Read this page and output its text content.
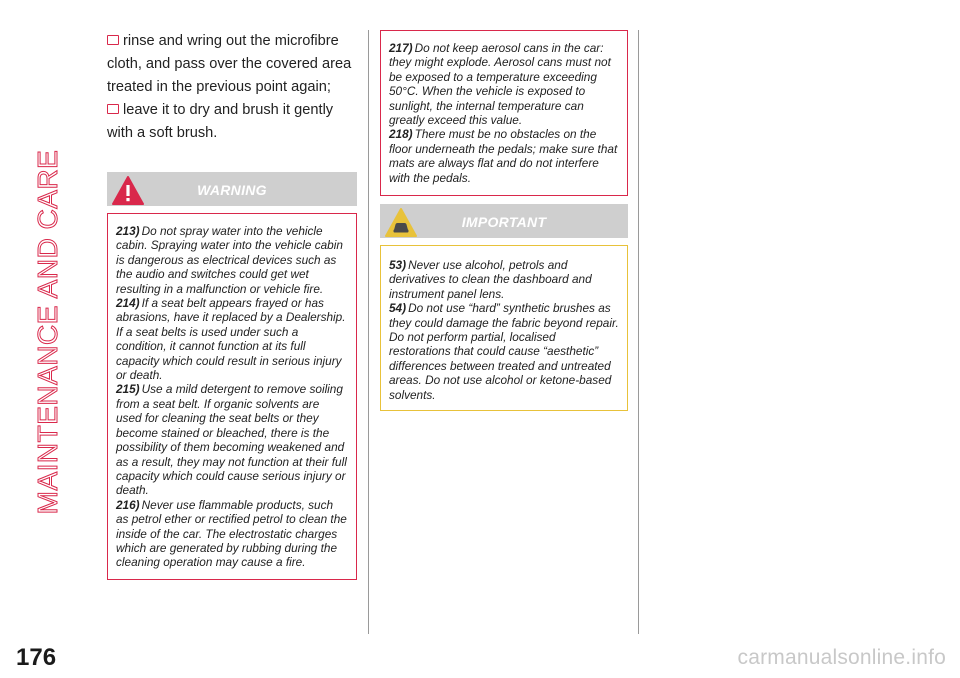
MAINTENANCE AND CARE
176
rinse and wring out the microfibre cloth, and pass over the covered area treated in the previous point again;
leave it to dry and brush it gently with a soft brush.
WARNING

213) Do not spray water into the vehicle cabin. Spraying water into the vehicle cabin is dangerous as electrical devices such as the audio and switches could get wet resulting in a malfunction or vehicle fire.

214) If a seat belt appears frayed or has abrasions, have it replaced by a Dealership. If a seat belts is used under such a condition, it cannot function at its full capacity which could result in serious injury or death.

215) Use a mild detergent to remove soiling from a seat belt. If organic solvents are used for cleaning the seat belts or they become stained or bleached, there is the possibility of them becoming weakened and as a result, they may not function at their full capacity which could cause serious injury or death.

216) Never use flammable products, such as petrol ether or rectified petrol to clean the inside of the car. The electrostatic charges which are generated by rubbing during the cleaning operation may cause a fire.

217) Do not keep aerosol cans in the car: they might explode. Aerosol cans must not be exposed to a temperature exceeding 50°C. When the vehicle is exposed to sunlight, the internal temperature can greatly exceed this value.

218) There must be no obstacles on the floor underneath the pedals; make sure that mats are always flat and do not interfere with the pedals.

IMPORTANT

53) Never use alcohol, petrols and derivatives to clean the dashboard and instrument panel lens.

54) Do not use “hard” synthetic brushes as they could damage the fabric beyond repair. Do not perform partial, localised restorations that could cause “aesthetic” differences between treated and untreated areas. Do not use alcohol or ketone-based solvents.

carmanualsonline.info
